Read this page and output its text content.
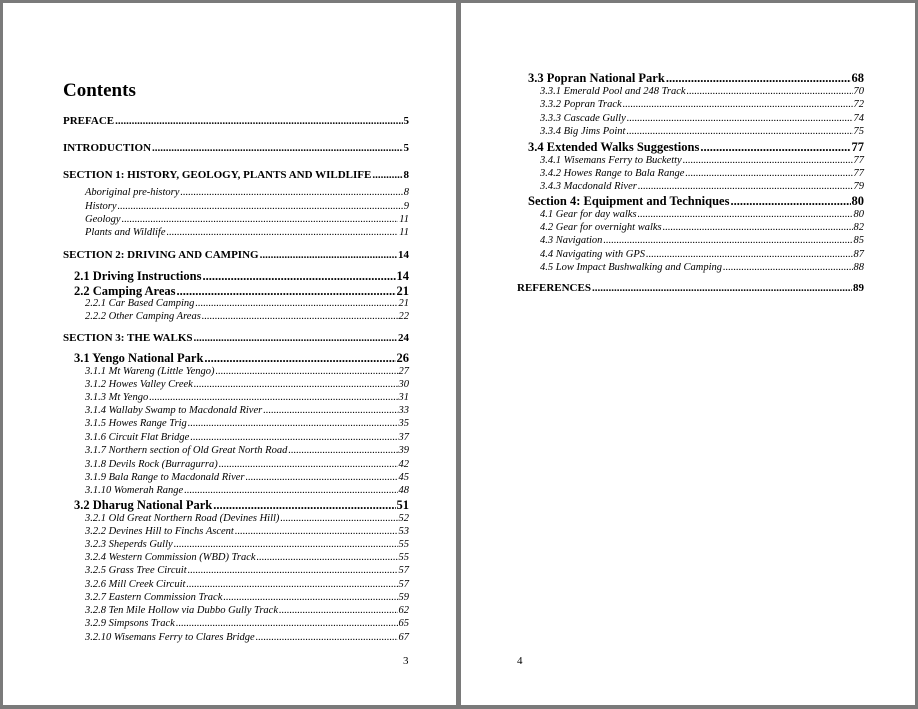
Contents
PREFACE .....	5
INTRODUCTION .....	5
SECTION 1: HISTORY, GEOLOGY, PLANTS AND WILDLIFE .....	8
Aboriginal pre-history .....	8
History .....	9
Geology .....	11
Plants and Wildlife .....	11
SECTION 2: DRIVING AND CAMPING .....	14
2.1 Driving Instructions .....	14
2.2 Camping Areas .....	21
2.2.1 Car Based Camping .....	21
2.2.2 Other Camping Areas .....	22
SECTION 3: THE WALKS .....	24
3.1 Yengo National Park .....	26
3.1.1 Mt Wareng (Little Yengo) .....	27
3.1.2 Howes Valley Creek .....	30
3.1.3 Mt Yengo .....	31
3.1.4 Wallaby Swamp to Macdonald River .....	33
3.1.5 Howes Range Trig .....	35
3.1.6 Circuit Flat Bridge .....	37
3.1.7 Northern section of Old Great North Road .....	39
3.1.8 Devils Rock (Burragurra) .....	42
3.1.9 Bala Range to Macdonald River .....	45
3.1.10 Womerah Range .....	48
3.2 Dharug National Park .....	51
3.2.1 Old Great Northern Road (Devines Hill) .....	52
3.2.2 Devines Hill to Finchs Ascent .....	53
3.2.3 Sheperds Gully .....	55
3.2.4 Western Commission (WBD) Track .....	55
3.2.5 Grass Tree Circuit .....	57
3.2.6 Mill Creek Circuit .....	57
3.2.7 Eastern Commission Track .....	59
3.2.8 Ten Mile Hollow via Dubbo Gully Track .....	62
3.2.9 Simpsons Track .....	65
3.2.10 Wisemans Ferry to Clares Bridge .....	67
3
3.3 Popran National Park .....	68
3.3.1 Emerald Pool and 248 Track .....	70
3.3.2 Popran Track .....	72
3.3.3 Cascade Gully .....	74
3.3.4 Big Jims Point .....	75
3.4 Extended Walks Suggestions .....	77
3.4.1 Wisemans Ferry to Bucketty .....	77
3.4.2 Howes Range to Bala Range .....	77
3.4.3 Macdonald River .....	79
Section 4: Equipment and Techniques .....	80
4.1 Gear for day walks .....	80
4.2 Gear for overnight walks .....	82
4.3 Navigation .....	85
4.4 Navigating with GPS .....	87
4.5 Low Impact Bushwalking and Camping .....	88
REFERENCES .....	89
4
